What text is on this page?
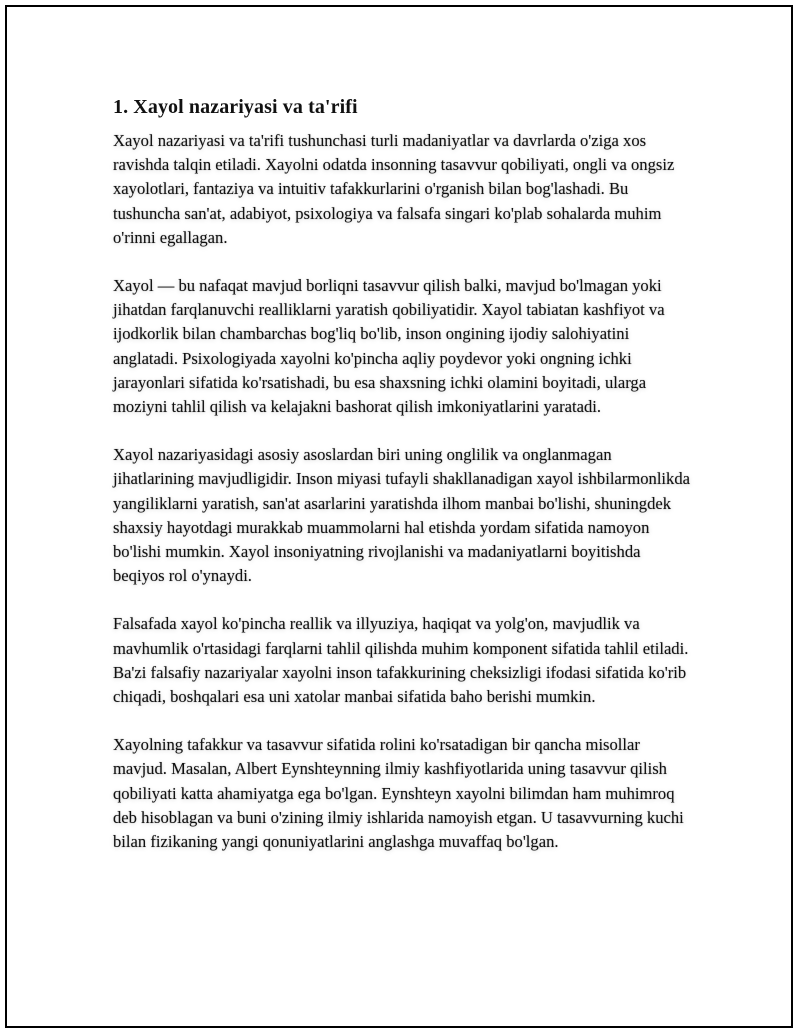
1. Xayol nazariyasi va ta'rifi

Xayol nazariyasi va ta'rifi tushunchasi turli madaniyatlar va davrlarda o'ziga xos ravishda talqin etiladi. Xayolni odatda insonning tasavvur qobiliyati, ongli va ongsiz xayolotlari, fantaziya va intuitiv tafakkurlarini o'rganish bilan bog'lashadi. Bu tushuncha san'at, adabiyot, psixologiya va falsafa singari ko'plab sohalarda muhim o'rinni egallagan.

Xayol — bu nafaqat mavjud borliqni tasavvur qilish balki, mavjud bo'lmagan yoki jihatdan farqlanuvchi realliklarni yaratish qobiliyatidir. Xayol tabiatan kashfiyot va ijodkorlik bilan chambarchas bog'liq bo'lib, inson ongining ijodiy salohiyatini anglatadi. Psixologiyada xayolni ko'pincha aqliy poydevor yoki ongning ichki jarayonlari sifatida ko'rsatishadi, bu esa shaxsning ichki olamini boyitadi, ularga moziyni tahlil qilish va kelajakni bashorat qilish imkoniyatlarini yaratadi.

Xayol nazariyasidagi asosiy asoslardan biri uning onglilik va onglanmagan jihatlarining mavjudligidir. Inson miyasi tufayli shakllanadigan xayol ishbilarmonlikda yangiliklarni yaratish, san'at asarlarini yaratishda ilhom manbai bo'lishi, shuningdek shaxsiy hayotdagi murakkab muammolarni hal etishda yordam sifatida namoyon bo'lishi mumkin. Xayol insoniyatning rivojlanishi va madaniyatlarni boyitishda beqiyos rol o'ynaydi.

Falsafada xayol ko'pincha reallik va illyuziya, haqiqat va yolg'on, mavjudlik va mavhumlik o'rtasidagi farqlarni tahlil qilishda muhim komponent sifatida tahlil etiladi. Ba'zi falsafiy nazariyalar xayolni inson tafakkurining cheksizligi ifodasi sifatida ko'rib chiqadi, boshqalari esa uni xatolar manbai sifatida baho berishi mumkin.

Xayolning tafakkur va tasavvur sifatida rolini ko'rsatadigan bir qancha misollar mavjud. Masalan, Albert Eynshteynning ilmiy kashfiyotlarida uning tasavvur qilish qobiliyati katta ahamiyatga ega bo'lgan. Eynshteyn xayolni bilimdan ham muhimroq deb hisoblagan va buni o'zining ilmiy ishlarida namoyish etgan. U tasavvurning kuchi bilan fizikaning yangi qonuniyatlarini anglashga muvaffaq bo'lgan.
